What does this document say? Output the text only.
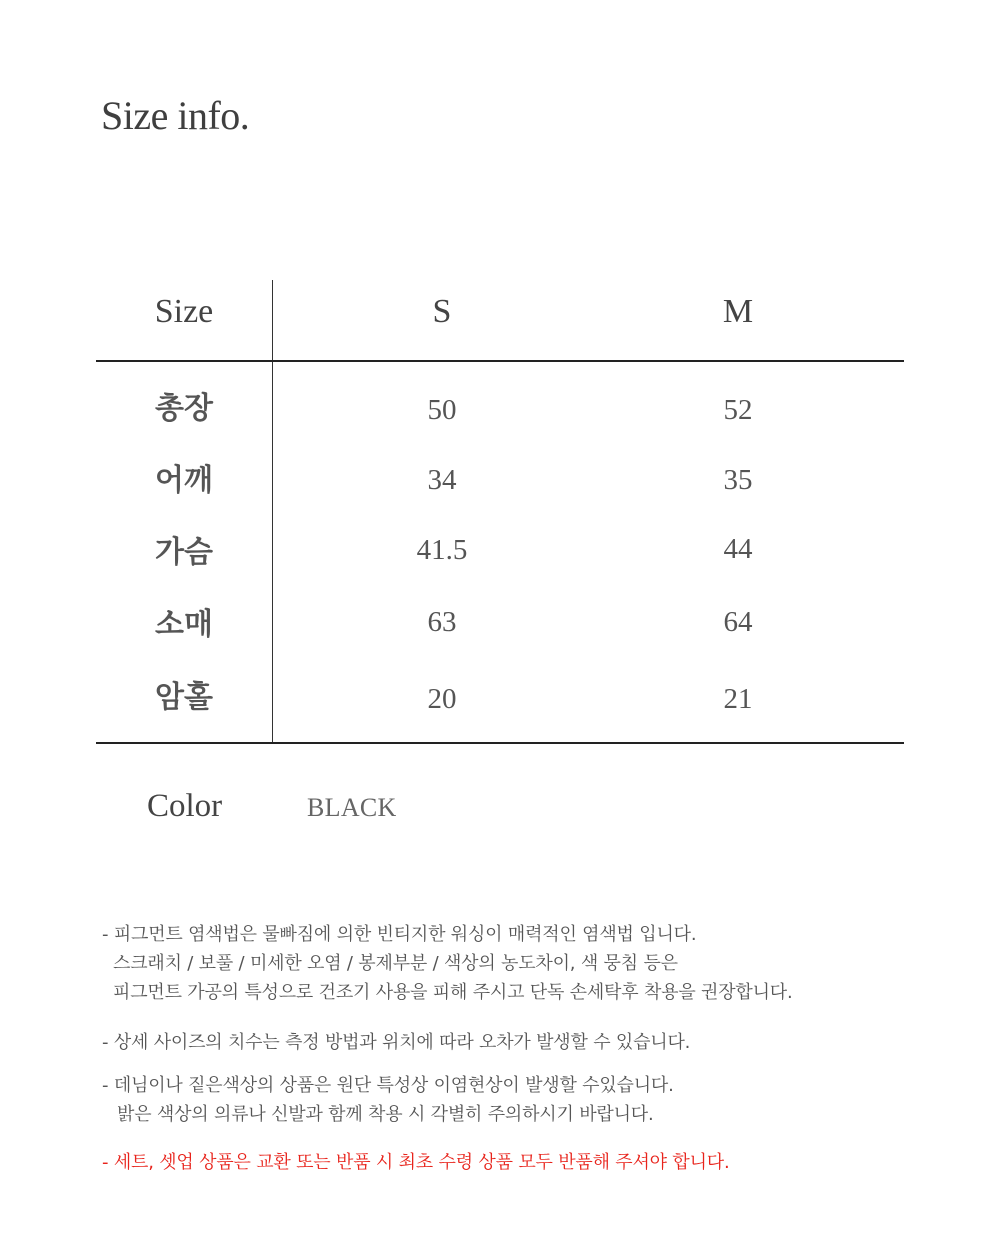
Size info.
Size	S	M
총장	50	52
어깨	34	35
가슴	41.5	44
소매	63	64
암홀	20	21
Color	BLACK
- 피그먼트 염색법은 물빠짐에 의한 빈티지한 워싱이 매력적인 염색법 입니다.
스크래치 / 보풀 / 미세한 오염 / 봉제부분 / 색상의 농도차이, 색 뭉침 등은
피그먼트 가공의 특성으로 건조기 사용을 피해 주시고 단독 손세탁후 착용을 권장합니다.
- 상세 사이즈의 치수는 측정 방법과 위치에 따라 오차가 발생할 수 있습니다.
- 데님이나 짙은색상의 상품은 원단 특성상 이염현상이 발생할 수있습니다.
밝은 색상의 의류나 신발과 함께 착용 시 각별히 주의하시기 바랍니다.
- 세트, 셋업 상품은 교환 또는 반품 시 최초 수령 상품 모두 반품해 주셔야 합니다.
